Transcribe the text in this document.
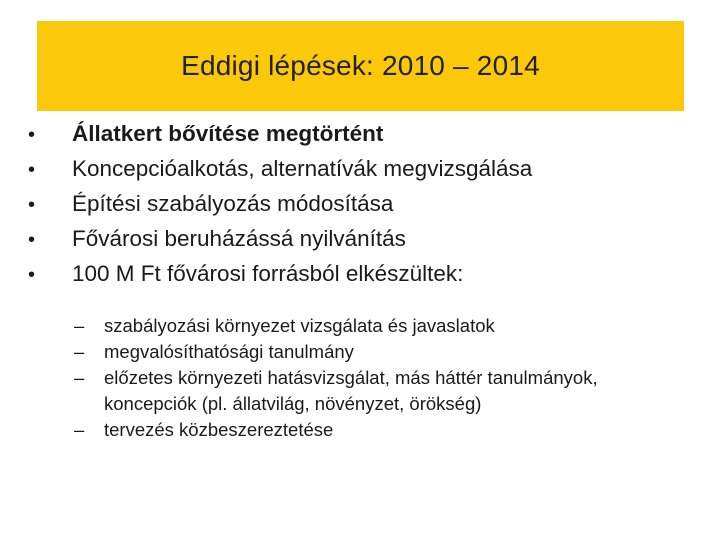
Eddigi lépések: 2010 – 2014
•	Állatkert bővítése megtörtént
•	Koncepcióalkotás, alternatívák megvizsgálása
•	Építési szabályozás módosítása
•	Fővárosi beruházássá nyilvánítás
•	100 M Ft fővárosi forrásból elkészültek:
–	szabályozási környezet vizsgálata és javaslatok
–	megvalósíthatósági tanulmány
–	előzetes környezeti hatásvizsgálat, más háttér tanulmányok, koncepciók (pl. állatvilág, növényzet, örökség)
–	tervezés közbeszereztetése
